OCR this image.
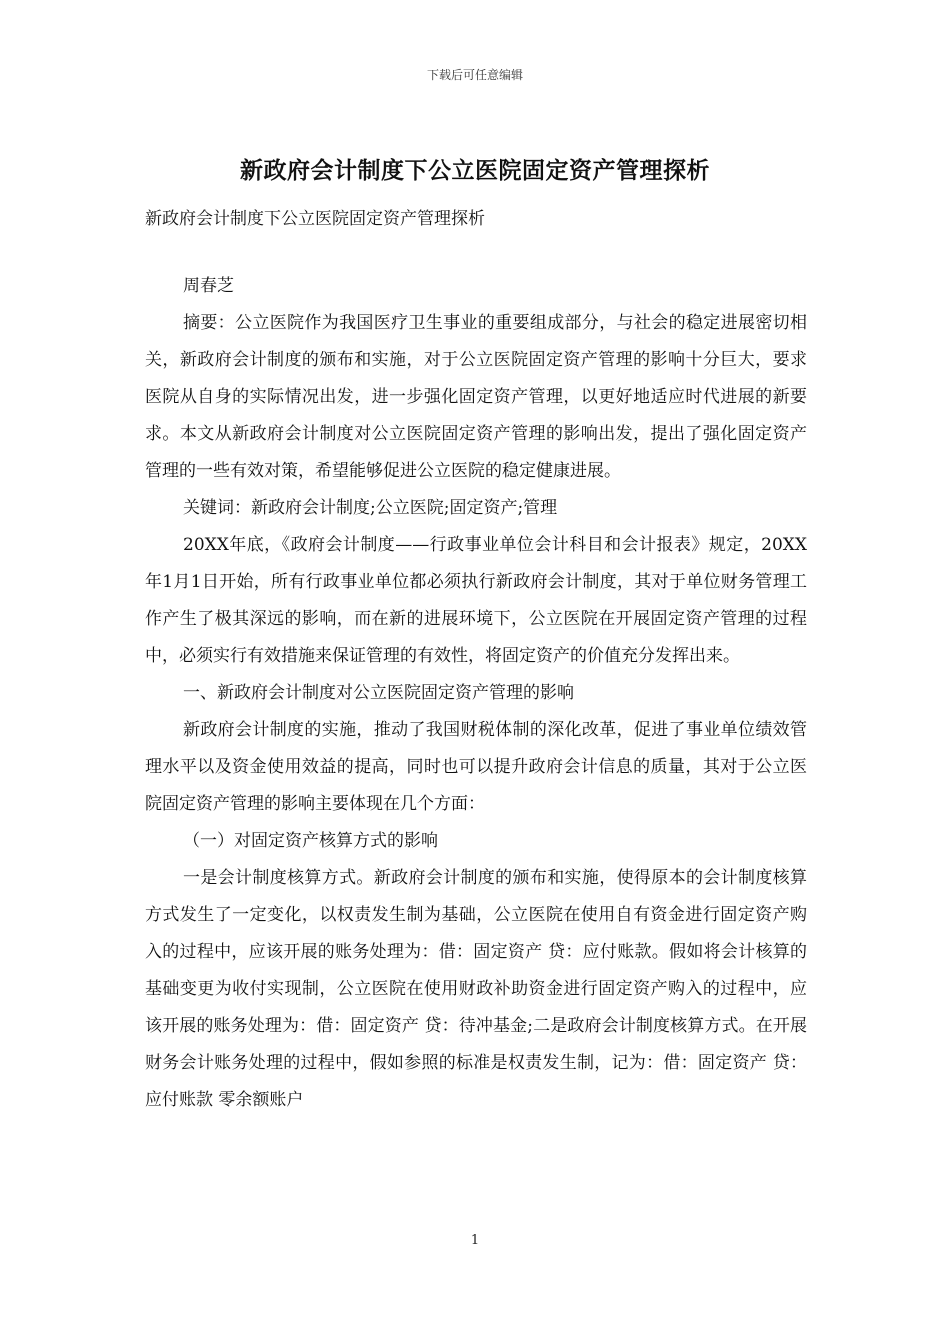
下载后可任意编辑
新政府会计制度下公立医院固定资产管理探析
新政府会计制度下公立医院固定资产管理探析

周春芝

摘要：公立医院作为我国医疗卫生事业的重要组成部分，与社会的稳定进展密切相关，新政府会计制度的颁布和实施，对于公立医院固定资产管理的影响十分巨大，要求医院从自身的实际情况出发，进一步强化固定资产管理，以更好地适应时代进展的新要求。本文从新政府会计制度对公立医院固定资产管理的影响出发，提出了强化固定资产管理的一些有效对策，希望能够促进公立医院的稳定健康进展。

关键词：新政府会计制度;公立医院;固定资产;管理

20XX年底，《政府会计制度——行政事业单位会计科目和会计报表》规定，20XX年1月1日开始，所有行政事业单位都必须执行新政府会计制度，其对于单位财务管理工作产生了极其深远的影响，而在新的进展环境下，公立医院在开展固定资产管理的过程中，必须实行有效措施来保证管理的有效性，将固定资产的价值充分发挥出来。

一、新政府会计制度对公立医院固定资产管理的影响

新政府会计制度的实施，推动了我国财税体制的深化改革，促进了事业单位绩效管理水平以及资金使用效益的提高，同时也可以提升政府会计信息的质量，其对于公立医院固定资产管理的影响主要体现在几个方面：

（一）对固定资产核算方式的影响

一是会计制度核算方式。新政府会计制度的颁布和实施，使得原本的会计制度核算方式发生了一定变化，以权责发生制为基础，公立医院在使用自有资金进行固定资产购入的过程中，应该开展的账务处理为：借：固定资产 贷：应付账款。假如将会计核算的基础变更为收付实现制，公立医院在使用财政补助资金进行固定资产购入的过程中，应该开展的账务处理为：借：固定资产 贷：待冲基金;二是政府会计制度核算方式。在开展财务会计账务处理的过程中，假如参照的标准是权责发生制，记为：借：固定资产 贷：应付账款 零余额账户

1
